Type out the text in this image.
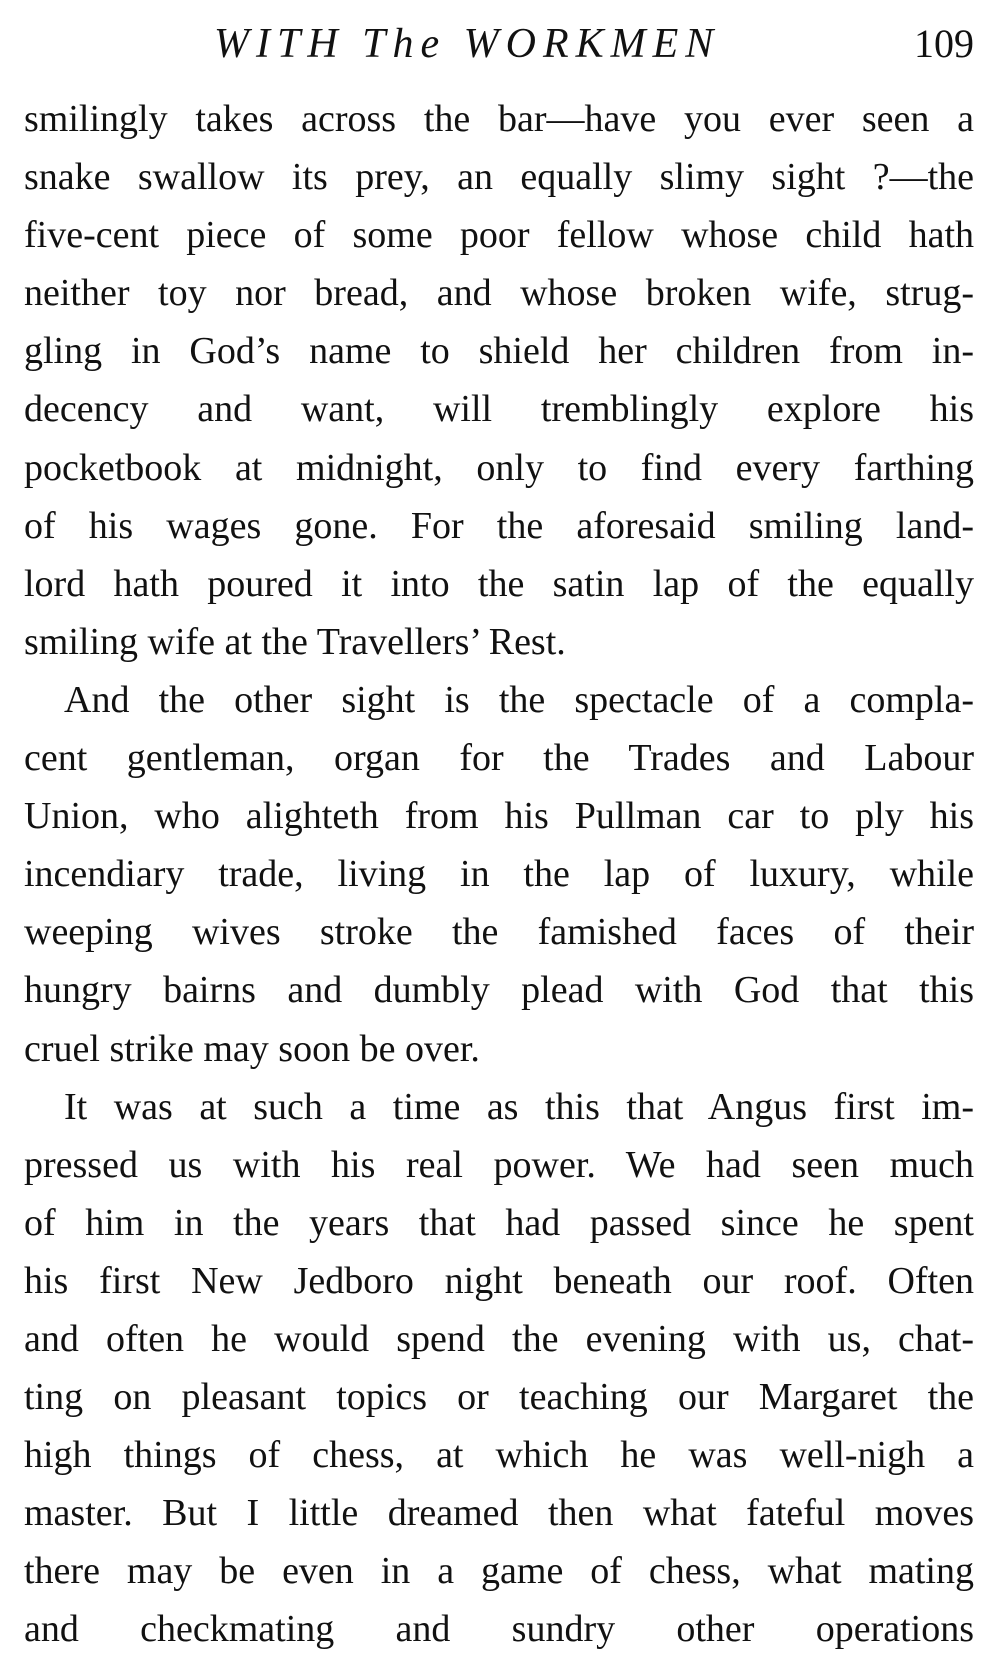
WITH The WORKMEN	109
smilingly takes across the bar—have you ever seen a
snake swallow its prey, an equally slimy sight ?—the
five-cent piece of some poor fellow whose child hath
neither toy nor bread, and whose broken wife, strug-
gling in God’s name to shield her children from in-
decency and want, will tremblingly explore his
pocketbook at midnight, only to find every farthing
of his wages gone. For the aforesaid smiling land-
lord hath poured it into the satin lap of the equally
smiling wife at the Travellers’ Rest.
And the other sight is the spectacle of a compla-
cent gentleman, organ for the Trades and Labour
Union, who alighteth from his Pullman car to ply his
incendiary trade, living in the lap of luxury, while
weeping wives stroke the famished faces of their
hungry bairns and dumbly plead with God that this
cruel strike may soon be over.
It was at such a time as this that Angus first im-
pressed us with his real power. We had seen much
of him in the years that had passed since he spent
his first New Jedboro night beneath our roof. Often
and often he would spend the evening with us, chat-
ting on pleasant topics or teaching our Margaret the
high things of chess, at which he was well-nigh a
master. But I little dreamed then what fateful moves
there may be even in a game of chess, what mating
and checkmating and sundry other operations
